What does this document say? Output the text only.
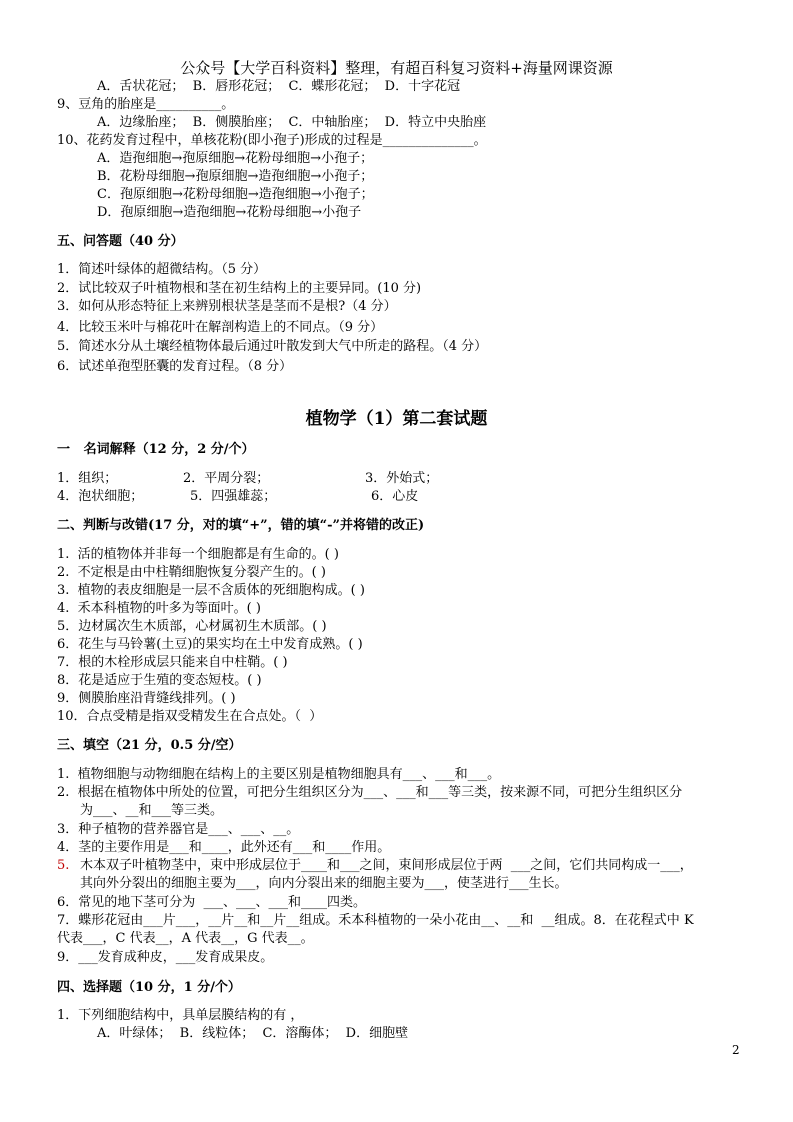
公众号【大学百科资料】整理，有超百科复习资料+海量网课资源
A．舌状花冠；  B．唇形花冠；  C．蝶形花冠；  D．十字花冠
9、豆角的胎座是__________。
A．边缘胎座；  B．侧膜胎座；  C．中轴胎座；  D．特立中央胎座
10、花药发育过程中，单核花粉(即小孢子)形成的过程是______________。
A．造孢细胞→孢原细胞→花粉母细胞→小孢子；
B．花粉母细胞→孢原细胞→造孢细胞→小孢子；
C．孢原细胞→花粉母细胞→造孢细胞→小孢子；
D．孢原细胞→造孢细胞→花粉母细胞→小孢子
五、问答题（40 分）
1．简述叶绿体的超微结构。（5 分）
2．试比较双子叶植物根和茎在初生结构上的主要异同。(10 分)
3．如何从形态特征上来辨别根状茎是茎而不是根?（4 分）
4．比较玉米叶与棉花叶在解剖构造上的不同点。（9 分）
5．简述水分从土壤经植物体最后通过叶散发到大气中所走的路程。（4 分）
6．试述单孢型胚囊的发育过程。（8 分）
植物学（1）第二套试题
一   名词解释（12 分，2 分/个）
1．组织；	2．平周分裂；	3．外始式；
4．泡状细胞；	5．四强雄蕊；	6．心皮
二、判断与改错(17 分，对的填“+”，错的填“-”并将错的改正)
1.  活的植物体并非每一个细胞都是有生命的。( )
2.  不定根是由中柱鞘细胞恢复分裂产生的。( )
3.  植物的表皮细胞是一层不含质体的死细胞构成。( )
4.  禾本科植物的叶多为等面叶。( )
5．边材属次生木质部，心材属初生木质部。( )
6．花生与马铃薯(土豆)的果实均在土中发育成熟。( )
7．根的木栓形成层只能来自中柱鞘。( )
8．花是适应于生殖的变态短枝。( )
9．侧膜胎座沿背缝线排列。( )
10．合点受精是指双受精发生在合点处。（  ）
三、填空（21 分，0.5 分/空）
1.  植物细胞与动物细胞在结构上的主要区别是植物细胞具有___、___和___。
2.  根据在植物体中所处的位置，可把分生组织区分为___、___和___等三类，按来源不同，可把分生组织区分
为___、__和___等三类。
3．种子植物的营养器官是___、___、__。
4．茎的主要作用是___和____，此外还有___和____作用。
5. 木本双子叶植物茎中，束中形成层位于____和___之间，束间形成层位于两  ___之间，它们共同构成一___，
其向外分裂出的细胞主要为___，向内分裂出来的细胞主要为___，使茎进行___生长。
6．常见的地下茎可分为  ___、___、___和____四类。
7．蝶形花冠由___片___，__片__和__片__组成。禾本科植物的一朵小花由__、__和  __组成。8．在花程式中 K
代表___，C 代表__，A 代表__，G 代表__。
9．___发育成种皮，___发育成果皮。
四、选择题（10 分，1 分/个）
1．下列细胞结构中，具单层膜结构的有 ，
A．叶绿体；  B．线粒体；  C．溶酶体；  D．细胞壁
2
